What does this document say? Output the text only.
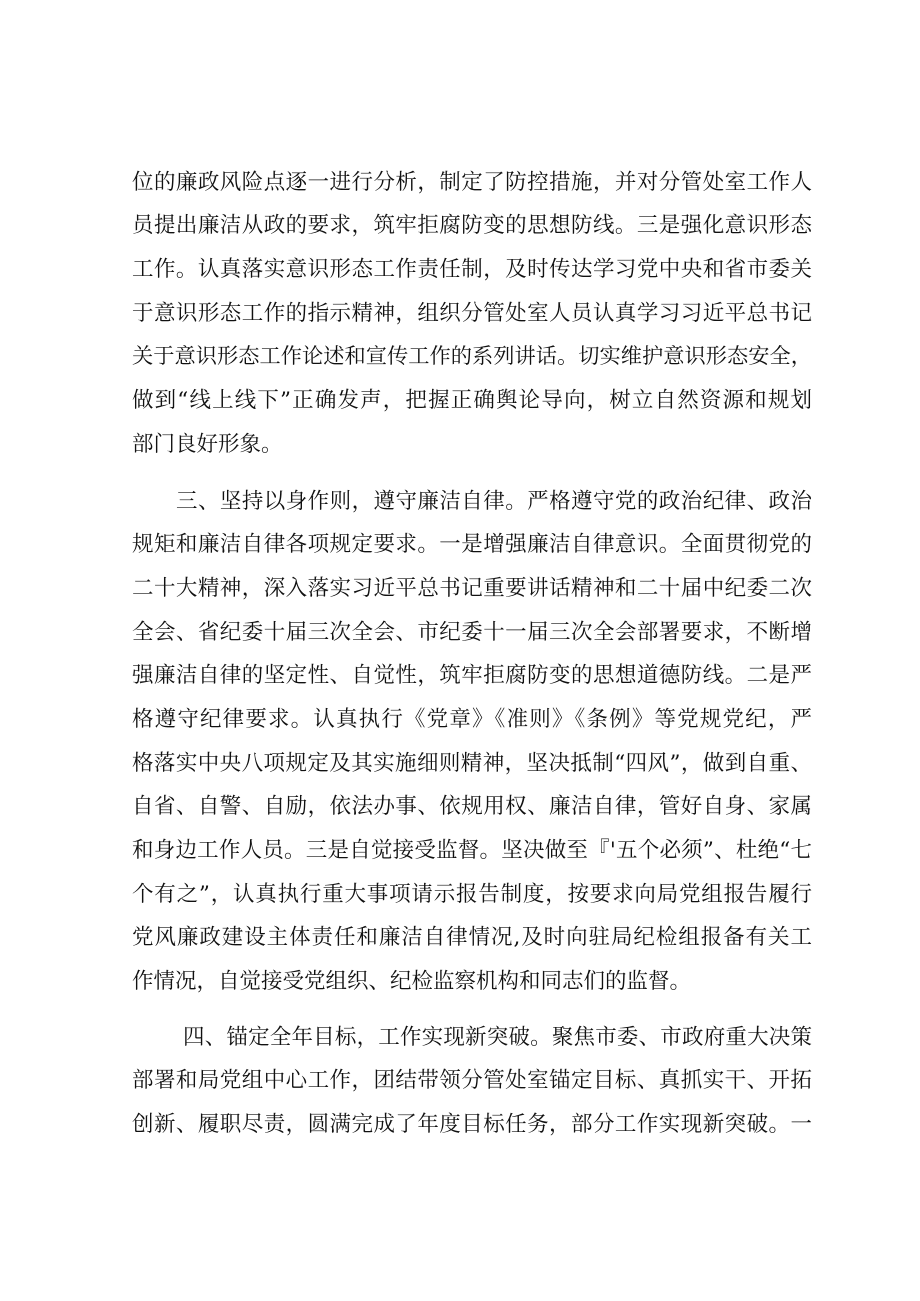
位的廉政风险点逐一进行分析，制定了防控措施，并对分管处室工作人
员提出廉洁从政的要求，筑牢拒腐防变的思想防线。三是强化意识形态
工作。认真落实意识形态工作责任制，及时传达学习党中央和省市委关
于意识形态工作的指示精神，组织分管处室人员认真学习习近平总书记
关于意识形态工作论述和宣传工作的系列讲话。切实维护意识形态安全，
做到“线上线下”正确发声，把握正确舆论导向，树立自然资源和规划
部门良好形象。
三、坚持以身作则，遵守廉洁自律。严格遵守党的政治纪律、政治
规矩和廉洁自律各项规定要求。一是增强廉洁自律意识。全面贯彻党的
二十大精神，深入落实习近平总书记重要讲话精神和二十届中纪委二次
全会、省纪委十届三次全会、市纪委十一届三次全会部署要求，不断增
强廉洁自律的坚定性、自觉性，筑牢拒腐防变的思想道德防线。二是严
格遵守纪律要求。认真执行《党章》《准则》《条例》等党规党纪，严
格落实中央八项规定及其实施细则精神，坚决抵制“四风”，做到自重、
自省、自警、自励，依法办事、依规用权、廉洁自律，管好自身、家属
和身边工作人员。三是自觉接受监督。坚决做至『'五个必须”、杜绝“七
个有之”，认真执行重大事项请示报告制度，按要求向局党组报告履行
党风廉政建设主体责任和廉洁自律情况,及时向驻局纪检组报备有关工
作情况，自觉接受党组织、纪检监察机构和同志们的监督。
四、锚定全年目标，工作实现新突破。聚焦市委、市政府重大决策
部署和局党组中心工作，团结带领分管处室锚定目标、真抓实干、开拓
创新、履职尽责，圆满完成了年度目标任务，部分工作实现新突破。一
